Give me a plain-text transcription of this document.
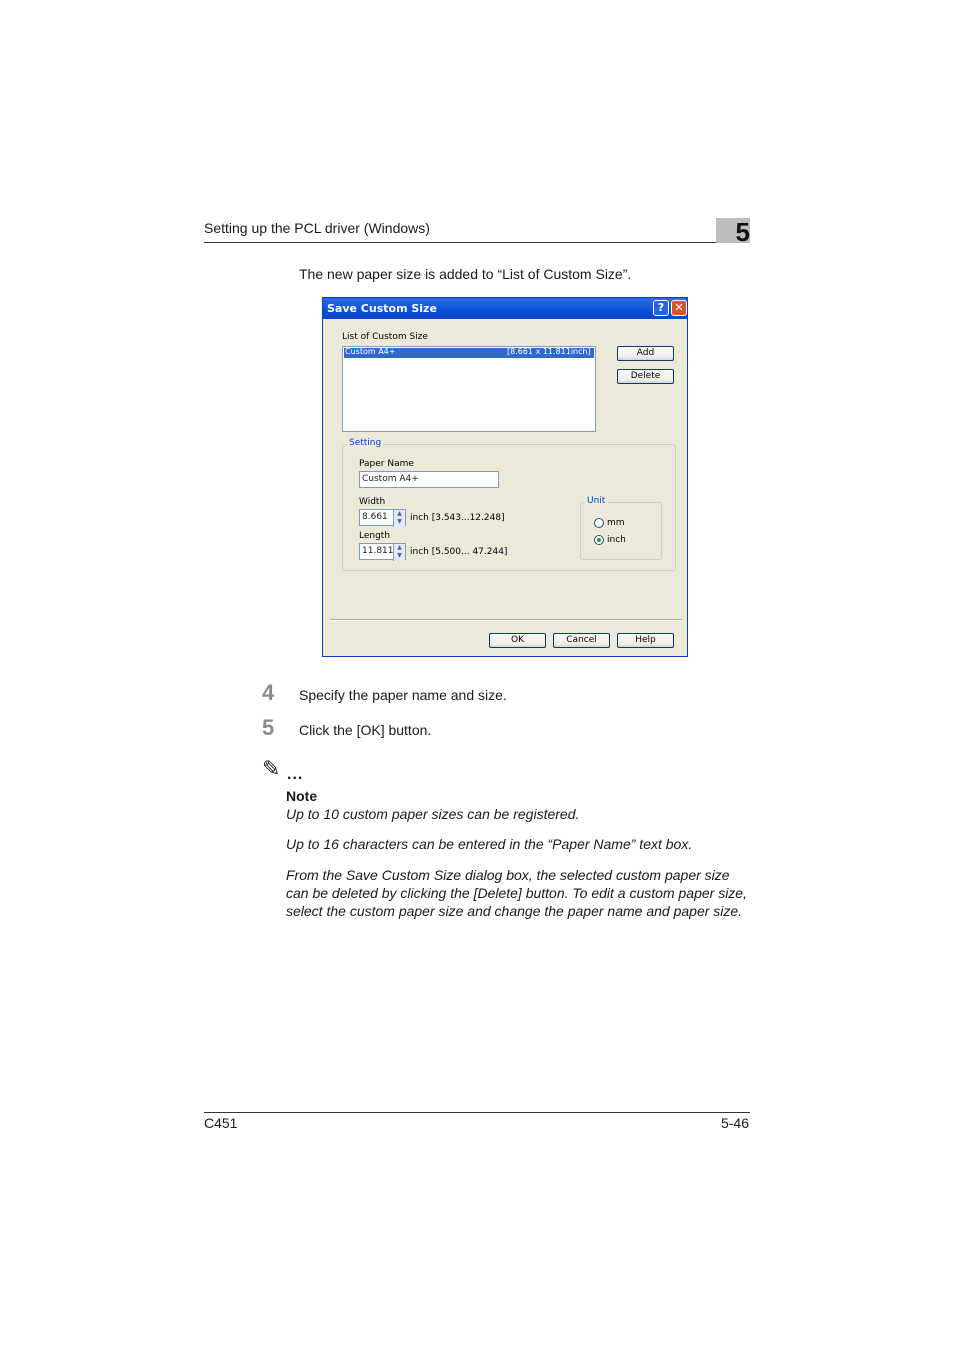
Setting up the PCL driver (Windows)	5
The new paper size is added to “List of Custom Size”.
Save Custom Size	? ✕
List of Custom Size
Custom A4+	[8.661 x 11.811inch]	Add
Delete
Setting
Paper Name
Custom A4+
Width
8.661	▲
▼ inch [3.543...12.248]
Length
11.811 ▲
▼ inch [5.500... 47.244]
Unit
mm
inch
OK	Cancel	Help
4 Specify the paper name and size.
5 Click the [OK] button.
✎ ...
Note
Up to 10 custom paper sizes can be registered.
Up to 16 characters can be entered in the “Paper Name” text box.
From the Save Custom Size dialog box, the selected custom paper size can be deleted by clicking the [Delete] button. To edit a custom paper size, select the custom paper size and change the paper name and paper size.
C451	5-46
